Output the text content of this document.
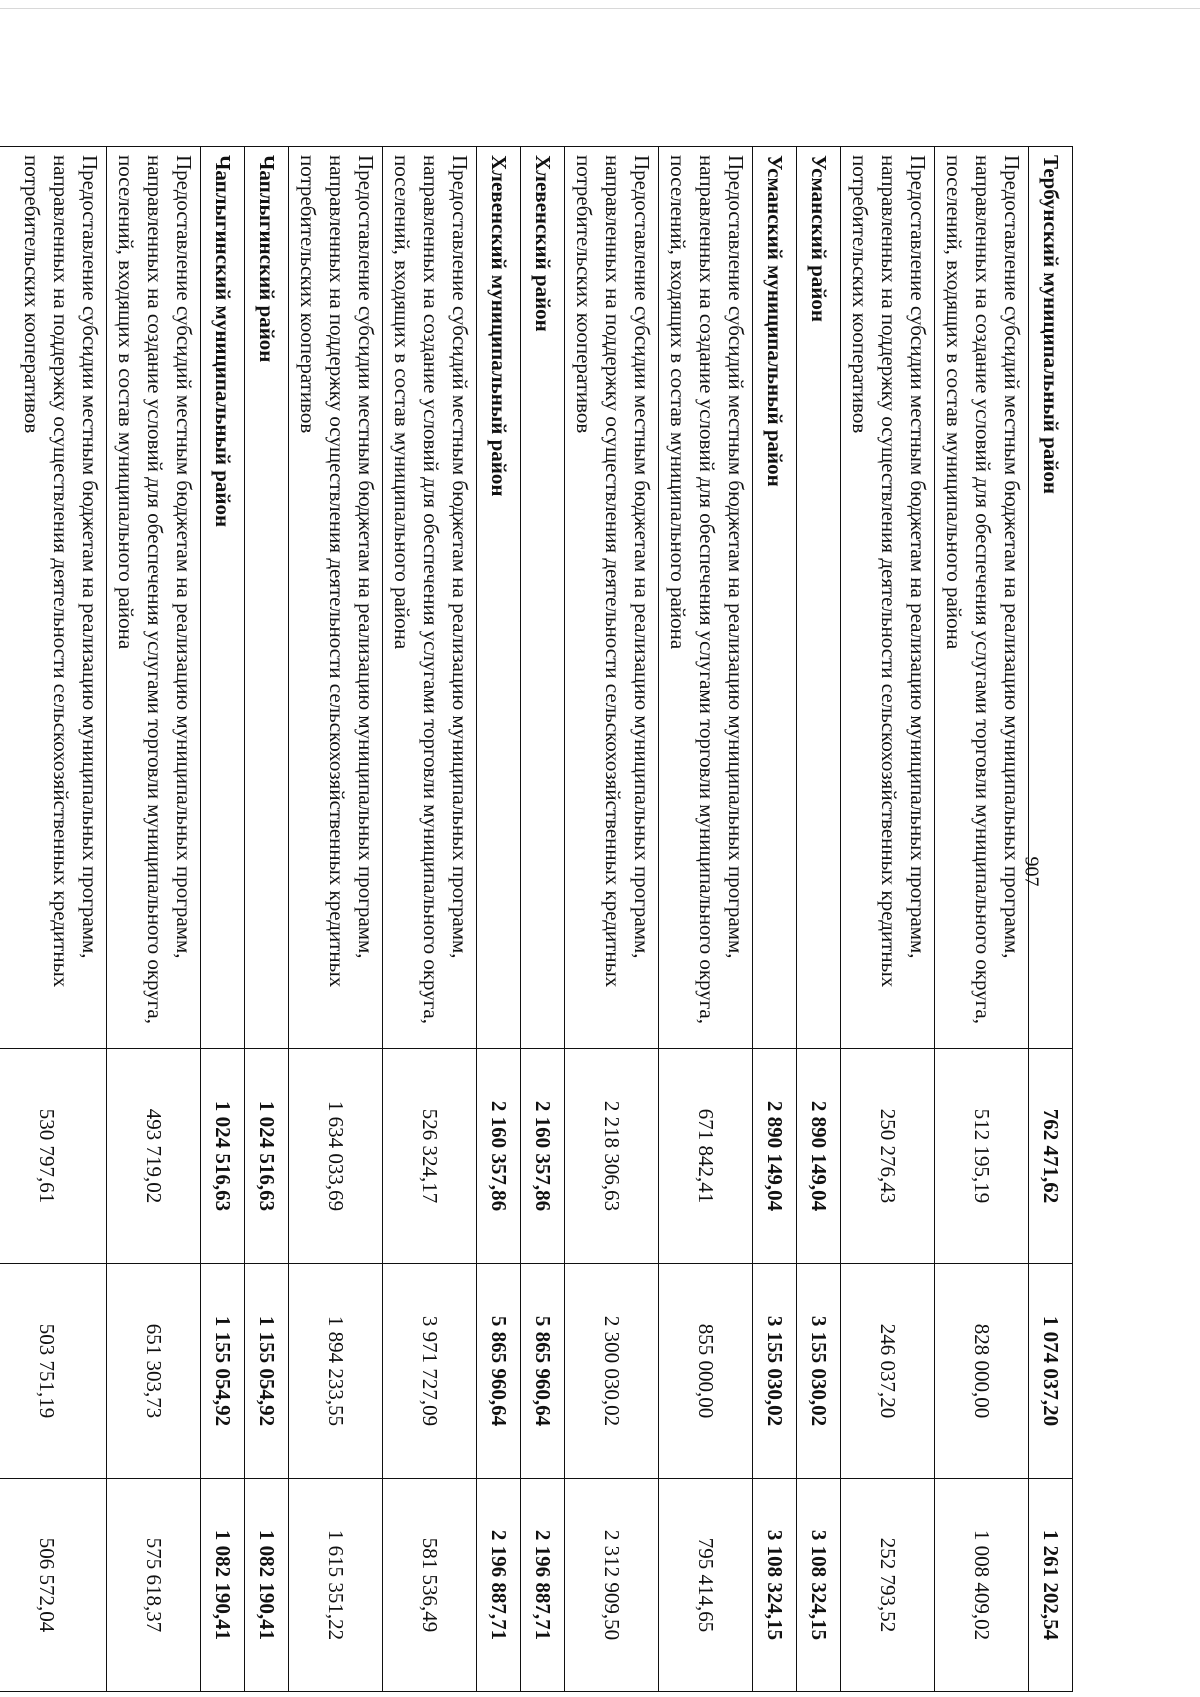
907
Тербунский муниципальный район	762 471,62	1 074 037,20	1 261 202,54
Предоставление субсидий местным бюджетам на реализацию муниципальных программ, направленных на создание условий для обеспечения услугами торговли муниципального округа, поселений, входящих в состав муниципального района	512 195,19	828 000,00	1 008 409,02
Предоставление субсидии местным бюджетам на реализацию муниципальных программ, направленных на поддержку осуществления деятельности сельскохозяйственных кредитных потребительских кооперативов	250 276,43	246 037,20	252 793,52
Усманский район	2 890 149,04	3 155 030,02	3 108 324,15
Усманский муниципальный район	2 890 149,04	3 155 030,02	3 108 324,15
Предоставление субсидий местным бюджетам на реализацию муниципальных программ, направленных на создание условий для обеспечения услугами торговли муниципального округа, поселений, входящих в состав муниципального района	671 842,41	855 000,00	795 414,65
Предоставление субсидии местным бюджетам на реализацию муниципальных программ, направленных на поддержку осуществления деятельности сельскохозяйственных кредитных потребительских кооперативов	2 218 306,63	2 300 030,02	2 312 909,50
Хлевенский район	2 160 357,86	5 865 960,64	2 196 887,71
Хлевенский муниципальный район	2 160 357,86	5 865 960,64	2 196 887,71
Предоставление субсидий местным бюджетам на реализацию муниципальных программ, направленных на создание условий для обеспечения услугами торговли муниципального округа, поселений, входящих в состав муниципального района	526 324,17	3 971 727,09	581 536,49
Предоставление субсидии местным бюджетам на реализацию муниципальных программ, направленных на поддержку осуществления деятельности сельскохозяйственных кредитных потребительских кооперативов	1 634 033,69	1 894 233,55	1 615 351,22
Чаплыгинский район	1 024 516,63	1 155 054,92	1 082 190,41
Чаплыгинский муниципальный район	1 024 516,63	1 155 054,92	1 082 190,41
Предоставление субсидий местным бюджетам на реализацию муниципальных программ, направленных на создание условий для обеспечения услугами торговли муниципального округа, поселений, входящих в состав муниципального района	493 719,02	651 303,73	575 618,37
Предоставление субсидии местным бюджетам на реализацию муниципальных программ, направленных на поддержку осуществления деятельности сельскохозяйственных кредитных потребительских кооперативов	530 797,61	503 751,19	506 572,04
